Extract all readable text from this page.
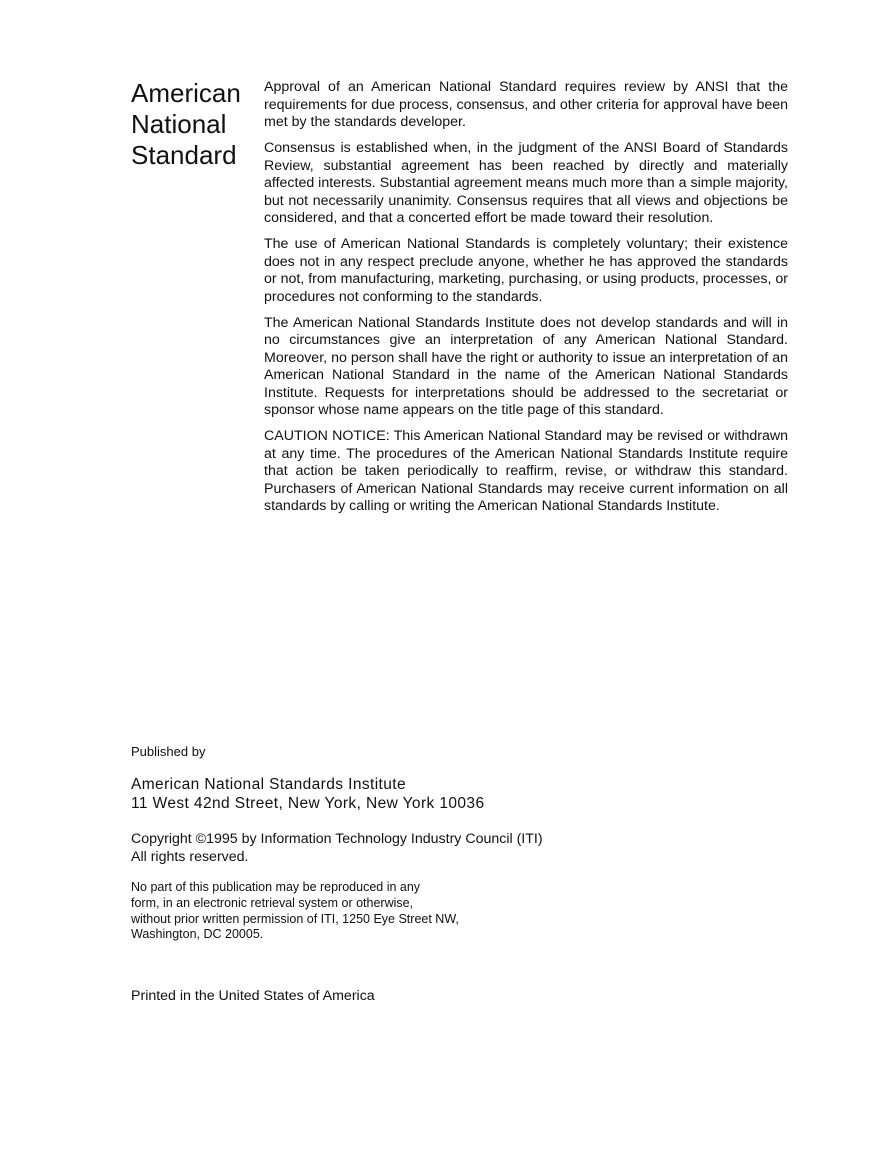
American
National
Standard

Approval of an American National Standard requires review by ANSI that the requirements for due process, consensus, and other criteria for approval have been met by the standards developer.

Consensus is established when, in the judgment of the ANSI Board of Standards Review, substantial agreement has been reached by directly and materially affected interests. Substantial agreement means much more than a simple majority, but not necessarily unanimity. Consensus requires that all views and objections be considered, and that a concerted effort be made toward their resolution.

The use of American National Standards is completely voluntary; their existence does not in any respect preclude anyone, whether he has approved the standards or not, from manufacturing, marketing, purchasing, or using products, processes, or procedures not conforming to the standards.

The American National Standards Institute does not develop standards and will in no circumstances give an interpretation of any American National Standard. Moreover, no person shall have the right or authority to issue an interpretation of an American National Standard in the name of the American National Standards Institute. Requests for interpretations should be addressed to the secretariat or sponsor whose name appears on the title page of this standard.

CAUTION NOTICE: This American National Standard may be revised or withdrawn at any time. The procedures of the American National Standards Institute require that action be taken periodically to reaffirm, revise, or withdraw this standard. Purchasers of American National Standards may receive current information on all standards by calling or writing the American National Standards Institute.

Published by

American National Standards Institute
11 West 42nd Street, New York, New York 10036

Copyright ©1995 by Information Technology Industry Council (ITI)
All rights reserved.

No part of this publication may be reproduced in any
form, in an electronic retrieval system or otherwise,
without prior written permission of ITI, 1250 Eye Street NW,
Washington, DC 20005.

Printed in the United States of America
